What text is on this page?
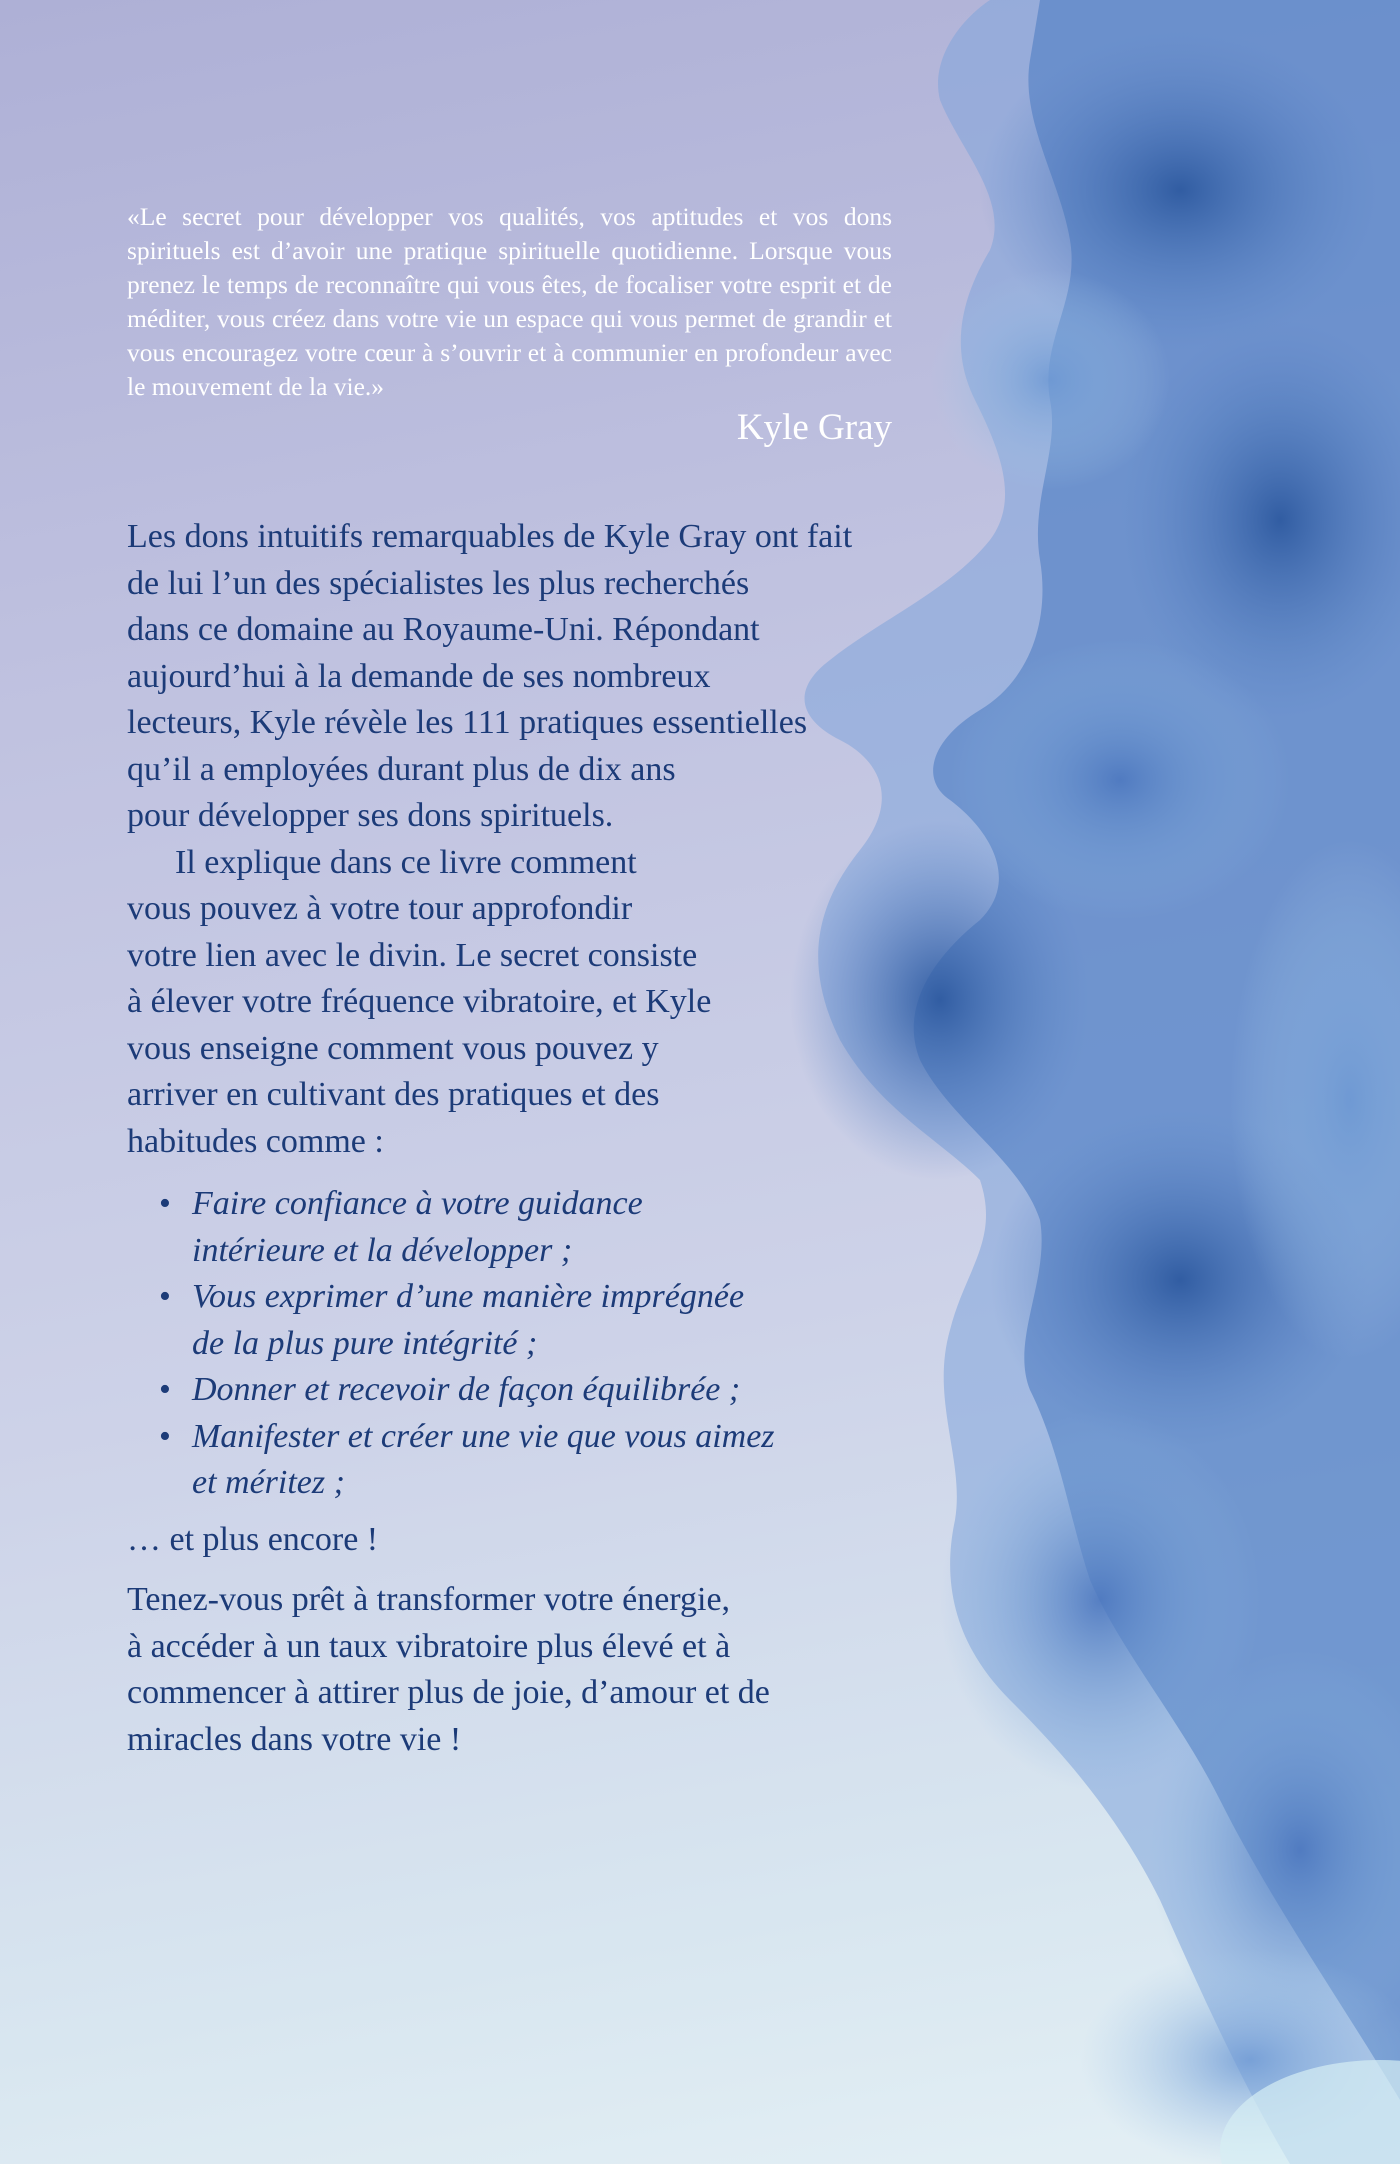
«Le secret pour développer vos qualités, vos aptitudes et vos dons spirituels est d’avoir une pratique spirituelle quotidienne. Lorsque vous prenez le temps de reconnaître qui vous êtes, de focaliser votre esprit et de méditer, vous créez dans votre vie un espace qui vous permet de grandir et vous encouragez votre cœur à s’ouvrir et à communier en profondeur avec le mouvement de la vie.»

Kyle Gray
Les dons intuitifs remarquables de Kyle Gray ont fait
de lui l’un des spécialistes les plus recherchés
dans ce domaine au Royaume-Uni. Répondant
aujourd’hui à la demande de ses nombreux
lecteurs, Kyle révèle les 111 pratiques essentielles
qu’il a employées durant plus de dix ans
pour développer ses dons spirituels.
Il explique dans ce livre comment
vous pouvez à votre tour approfondir
votre lien avec le divin. Le secret consiste
à élever votre fréquence vibratoire, et Kyle
vous enseigne comment vous pouvez y
arriver en cultivant des pratiques et des
habitudes comme :
• Faire confiance à votre guidance
intérieure et la développer ;
• Vous exprimer d’une manière imprégnée
de la plus pure intégrité ;
• Donner et recevoir de façon équilibrée ;
• Manifester et créer une vie que vous aimez
et méritez ;
… et plus encore !
Tenez-vous prêt à transformer votre énergie,
à accéder à un taux vibratoire plus élevé et à
commencer à attirer plus de joie, d’amour et de
miracles dans votre vie !
